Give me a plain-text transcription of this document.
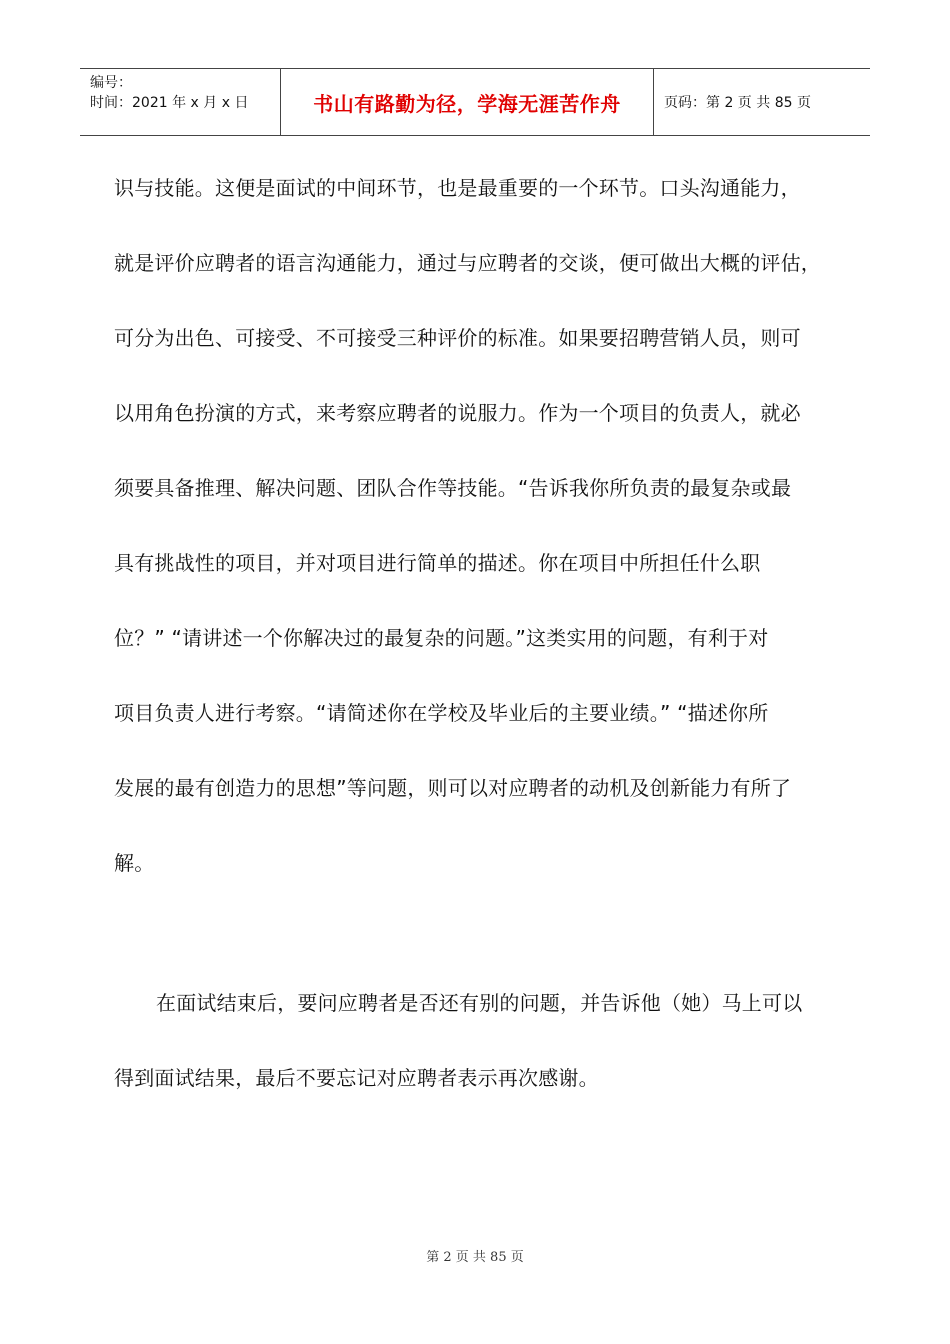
编号：
时间：2021 年 x 月 x 日	书山有路勤为径，学海无涯苦作舟	页码：第 2 页 共 85 页
识与技能。这便是面试的中间环节，也是最重要的一个环节。口头沟通能力，
就是评价应聘者的语言沟通能力，通过与应聘者的交谈，便可做出大概的评估，
可分为出色、可接受、不可接受三种评价的标准。如果要招聘营销人员，则可
以用角色扮演的方式，来考察应聘者的说服力。作为一个项目的负责人，就必
须要具备推理、解决问题、团队合作等技能。“告诉我你所负责的最复杂或最
具有挑战性的项目，并对项目进行简单的描述。你在项目中所担任什么职
位？” “请讲述一个你解决过的最复杂的问题。”这类实用的问题，有利于对
项目负责人进行考察。“请简述你在学校及毕业后的主要业绩。” “描述你所
发展的最有创造力的思想”等问题，则可以对应聘者的动机及创新能力有所了
解。
在面试结束后，要问应聘者是否还有别的问题，并告诉他（她）马上可以
得到面试结果，最后不要忘记对应聘者表示再次感谢。
第 2 页 共 85 页
